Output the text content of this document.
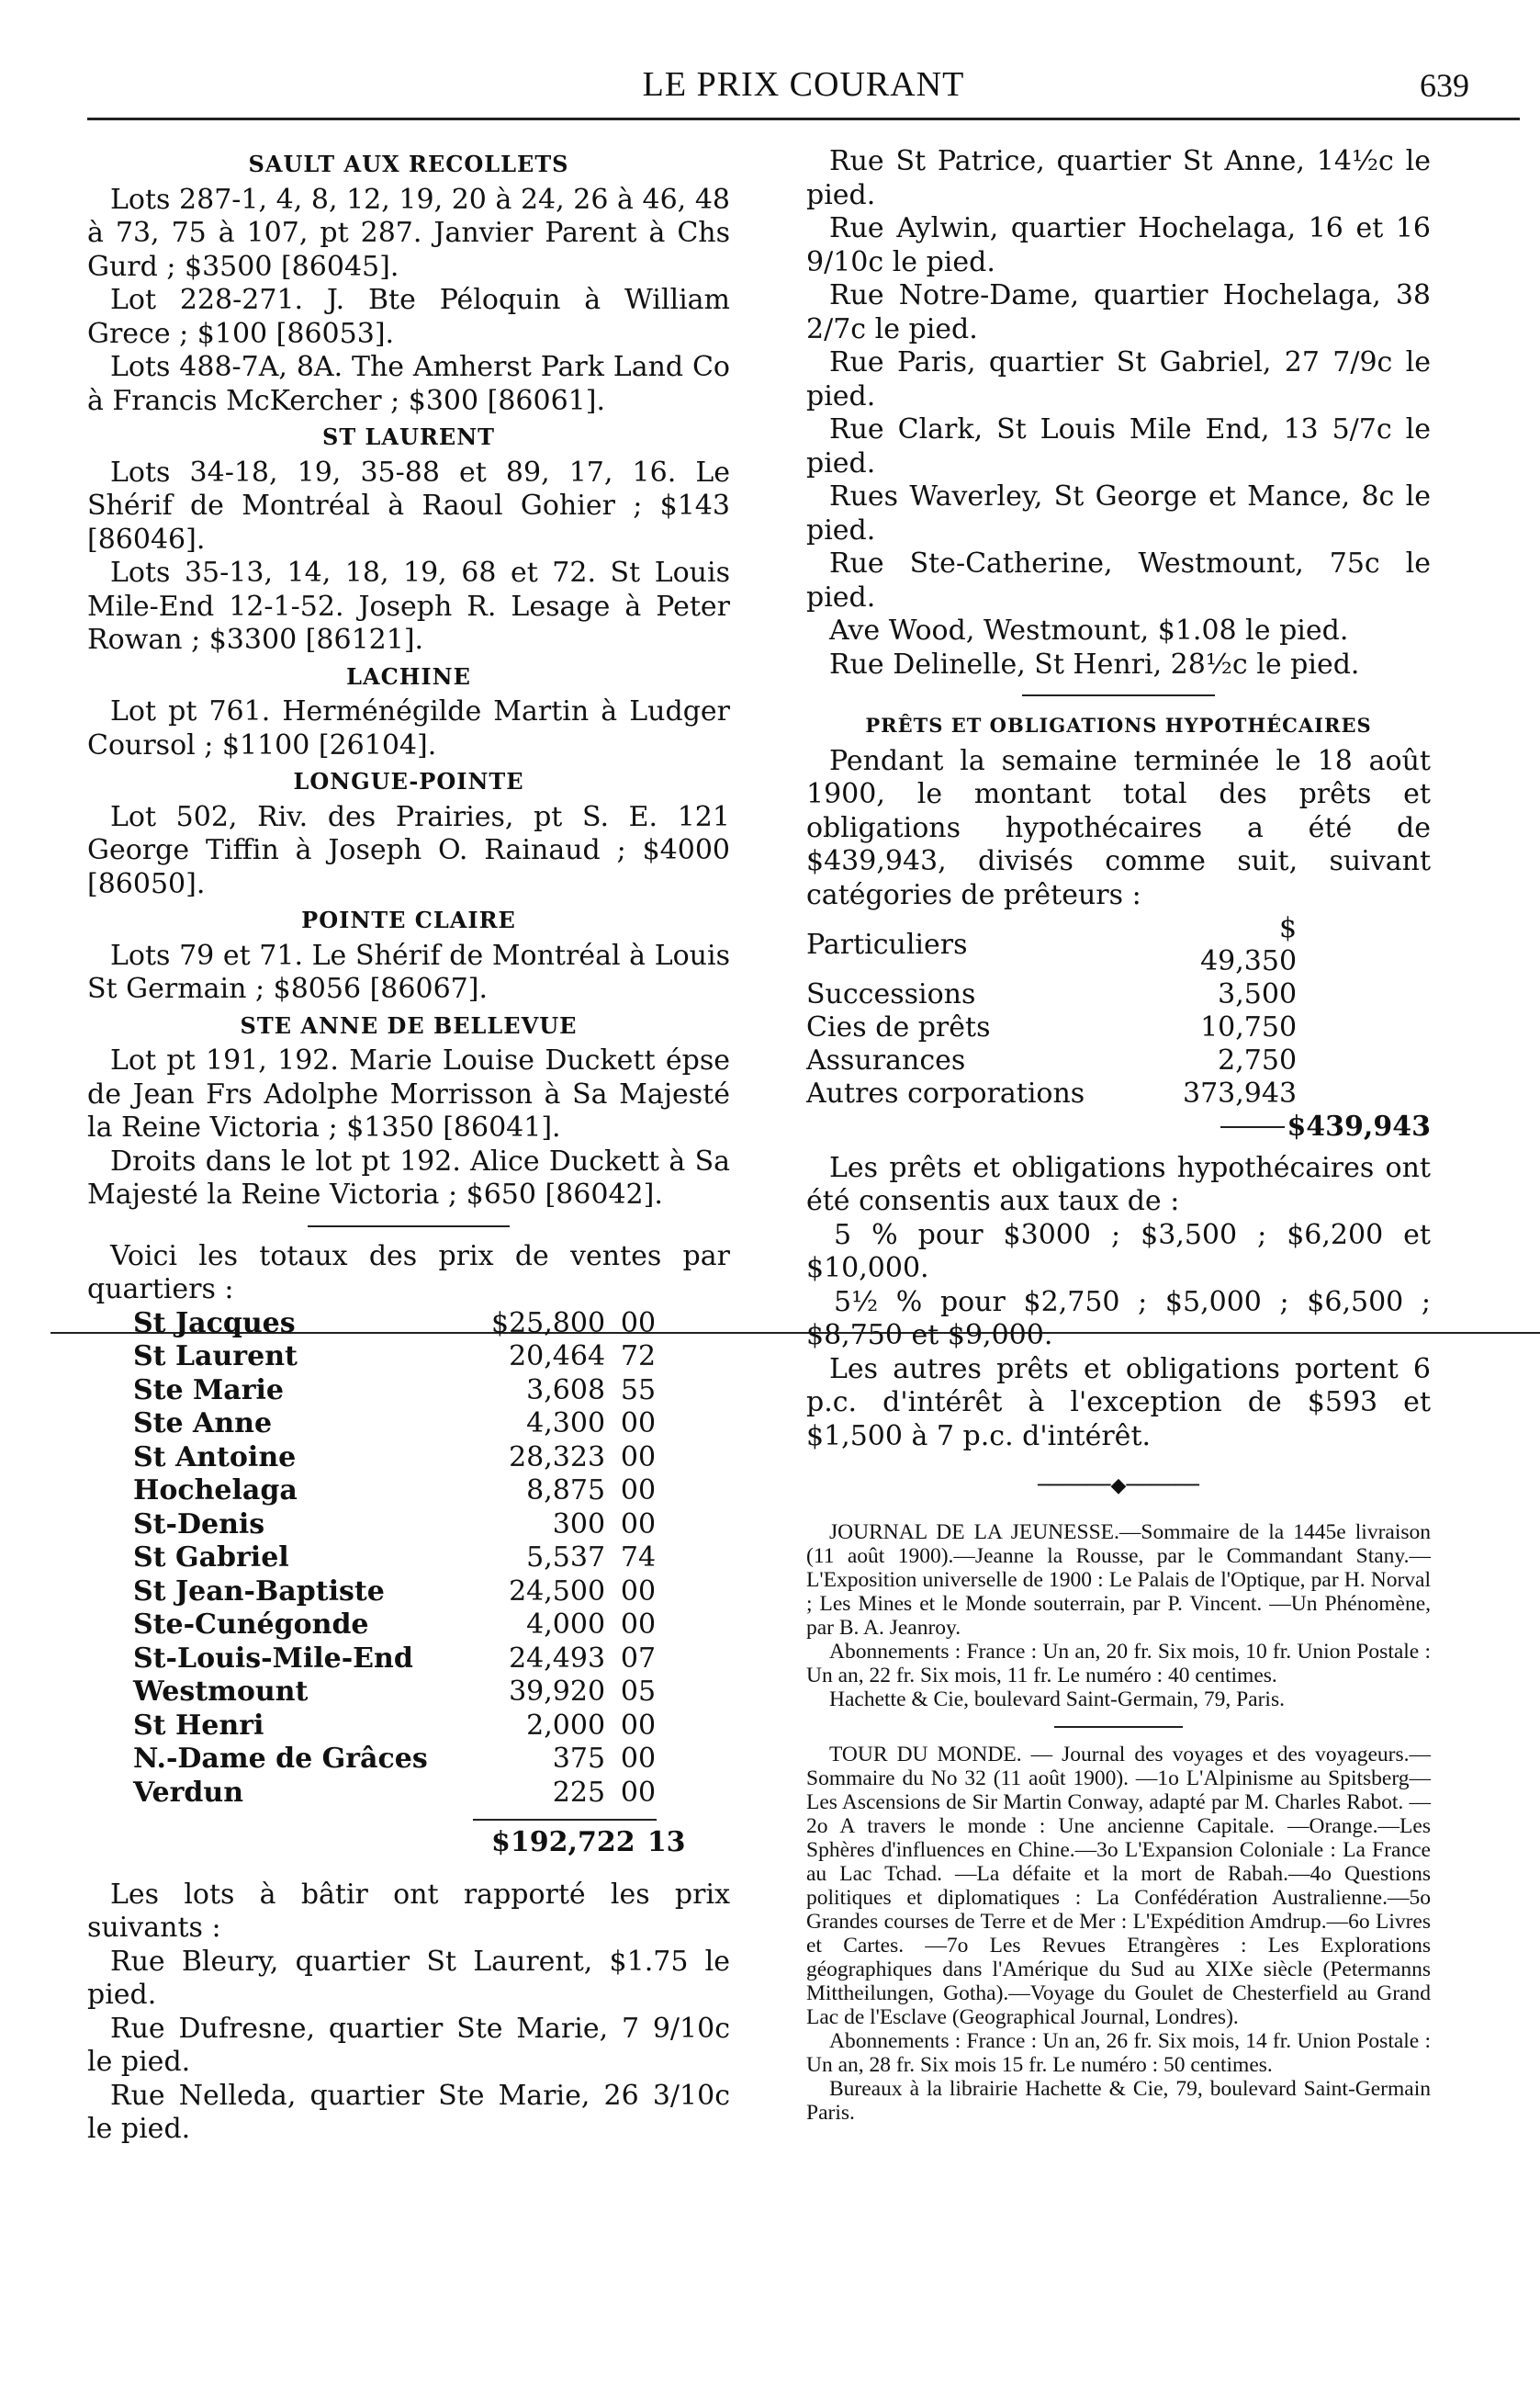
LE PRIX COURANT	639
SAULT AUX RECOLLETS

Lots 287-1, 4, 8, 12, 19, 20 à 24, 26 à 46, 48 à 73, 75 à 107, pt 287. Janvier Parent à Chs Gurd ; $3500 [86045].

Lot 228-271. J. Bte Péloquin à William Grece ; $100 [86053].

Lots 488-7A, 8A. The Amherst Park Land Co à Francis McKercher ; $300 [86061].

ST LAURENT

Lots 34-18, 19, 35-88 et 89, 17, 16. Le Shérif de Montréal à Raoul Gohier ; $143 [86046].

Lots 35-13, 14, 18, 19, 68 et 72. St Louis Mile-End 12-1-52. Joseph R. Lesage à Peter Rowan ; $3300 [86121].

LACHINE

Lot pt 761. Herménégilde Martin à Ludger Coursol ; $1100 [26104].

LONGUE-POINTE

Lot 502, Riv. des Prairies, pt S. E. 121 George Tiffin à Joseph O. Rainaud ; $4000 [86050].

POINTE CLAIRE

Lots 79 et 71. Le Shérif de Montréal à Louis St Germain ; $8056 [86067].

STE ANNE DE BELLEVUE

Lot pt 191, 192. Marie Louise Duckett épse de Jean Frs Adolphe Morrisson à Sa Majesté la Reine Victoria ; $1350 [86041].

Droits dans le lot pt 192. Alice Duckett à Sa Majesté la Reine Victoria ; $650 [86042].

Voici les totaux des prix de ventes par quartiers :

St Jacques	$25,800	00
St Laurent	20,464	72
Ste Marie	3,608	55
Ste Anne	4,300	00
St Antoine	28,323	00
Hochelaga	8,875	00
St-Denis	300	00
St Gabriel	5,537	74
St Jean-Baptiste	24,500	00
Ste-Cunégonde	4,000	00
St-Louis-Mile-End	24,493	07
Westmount	39,920	05
St Henri	2,000	00
N.-Dame de Grâces	375	00
Verdun	225	00
	$192,722	13

Les lots à bâtir ont rapporté les prix suivants :

Rue Bleury, quartier St Laurent, $1.75 le pied.

Rue Dufresne, quartier Ste Marie, 7 9/10c le pied.

Rue Nelleda, quartier Ste Marie, 26 3/10c le pied.

Rue St Patrice, quartier St Anne, 14½c le pied.

Rue Aylwin, quartier Hochelaga, 16 et 16 9/10c le pied.

Rue Notre-Dame, quartier Hochelaga, 38 2/7c le pied.

Rue Paris, quartier St Gabriel, 27 7/9c le pied.

Rue Clark, St Louis Mile End, 13 5/7c le pied.

Rues Waverley, St George et Mance, 8c le pied.

Rue Ste-Catherine, Westmount, 75c le pied.

Ave Wood, Westmount, $1.08 le pied.

Rue Delinelle, St Henri, 28½c le pied.

PRÊTS ET OBLIGATIONS HYPOTHÉCAIRES

Pendant la semaine terminée le 18 août 1900, le montant total des prêts et obligations hypothécaires a été de $439,943, divisés comme suit, suivant catégories de prêteurs :

Particuliers	$ 49,350
Successions	3,500
Cies de prêts	10,750
Assurances	2,750
Autres corporations	373,943
$439,943

Les prêts et obligations hypothécaires ont été consentis aux taux de :

5 % pour $3000 ; $3,500 ; $6,200 et $10,000.

5½ % pour $2,750 ; $5,000 ; $6,500 ; $8,750 et $9,000.

Les autres prêts et obligations portent 6 p.c. d'intérêt à l'exception de $593 et $1,500 à 7 p.c. d'intérêt.

──────◆──────

JOURNAL DE LA JEUNESSE.—Sommaire de la 1445e livraison (11 août 1900).—Jeanne la Rousse, par le Commandant Stany.—L'Exposition universelle de 1900 : Le Palais de l'Optique, par H. Norval ; Les Mines et le Monde souterrain, par P. Vincent. —Un Phénomène, par B. A. Jeanroy.

Abonnements : France : Un an, 20 fr. Six mois, 10 fr. Union Postale : Un an, 22 fr. Six mois, 11 fr. Le numéro : 40 centimes.

Hachette & Cie, boulevard Saint-Germain, 79, Paris.

TOUR DU MONDE. — Journal des voyages et des voyageurs.—Sommaire du No 32 (11 août 1900). —1o L'Alpinisme au Spitsberg—Les Ascensions de Sir Martin Conway, adapté par M. Charles Rabot. —2o A travers le monde : Une ancienne Capitale. —Orange.—Les Sphères d'influences en Chine.—3o L'Expansion Coloniale : La France au Lac Tchad. —La défaite et la mort de Rabah.—4o Questions politiques et diplomatiques : La Confédération Australienne.—5o Grandes courses de Terre et de Mer : L'Expédition Amdrup.—6o Livres et Cartes. —7o Les Revues Etrangères : Les Explorations géographiques dans l'Amérique du Sud au XIXe siècle (Petermanns Mittheilungen, Gotha).—Voyage du Goulet de Chesterfield au Grand Lac de l'Esclave (Geographical Journal, Londres).

Abonnements : France : Un an, 26 fr. Six mois, 14 fr. Union Postale : Un an, 28 fr. Six mois 15 fr. Le numéro : 50 centimes.

Bureaux à la librairie Hachette & Cie, 79, boulevard Saint-Germain Paris.
